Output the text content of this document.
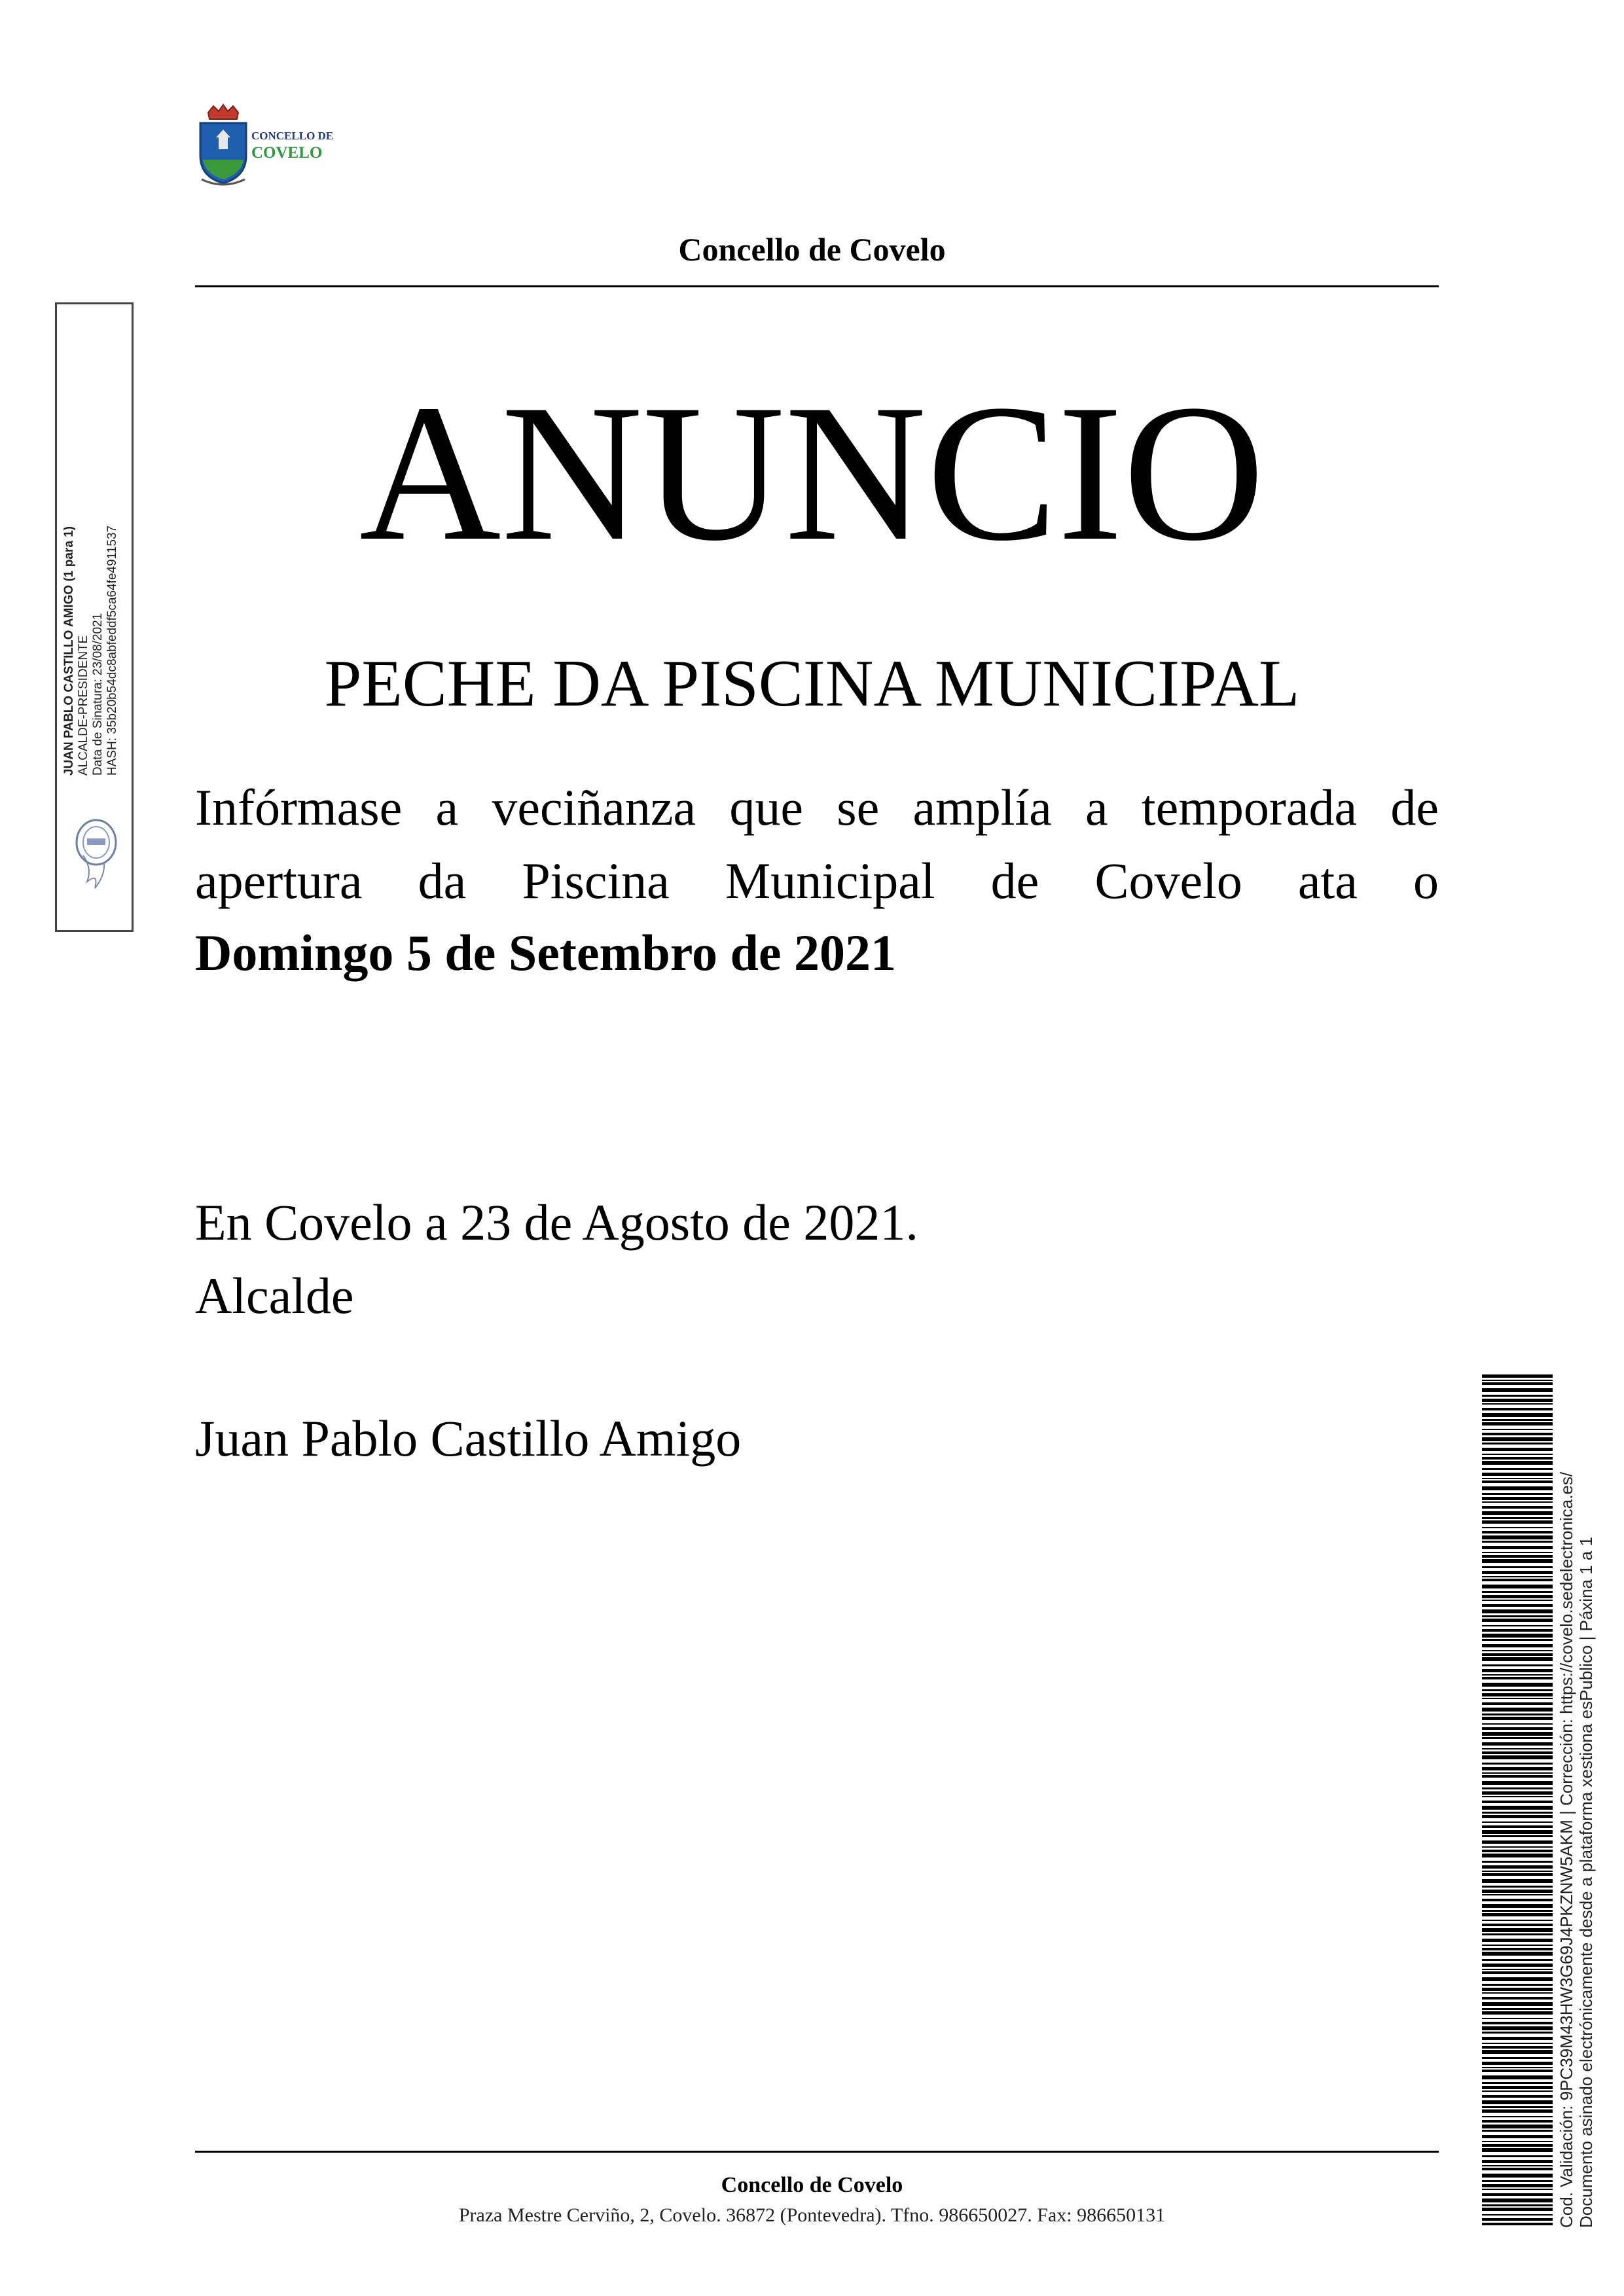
CONCELLO DE
COVELO
Concello de Covelo
JUAN PABLO CASTILLO AMIGO (1 para 1) ALCALDE-PRESIDENTE Data de Sinatura: 23/08/2021 HASH: 35b20b54dc8abfeddf5ca64fe4911537
ANUNCIO
PECHE DA PISCINA MUNICIPAL
Infórmase a veciñanza que se amplía a temporada de apertura da Piscina Municipal de Covelo ata o
Domingo 5 de Setembro de 2021
En Covelo a 23 de Agosto de 2021.
Alcalde
Juan Pablo Castillo Amigo
Cod. Validación: 9PC39M43HW3G69J4PKZNW5AKM | Corrección: https://covelo.sedelectronica.es/ Documento asinado electrónicamente desde a plataforma xestiona esPublico | Páxina 1 a 1
Concello de Covelo
Praza Mestre Cerviño, 2, Covelo. 36872 (Pontevedra). Tfno. 986650027. Fax: 986650131
